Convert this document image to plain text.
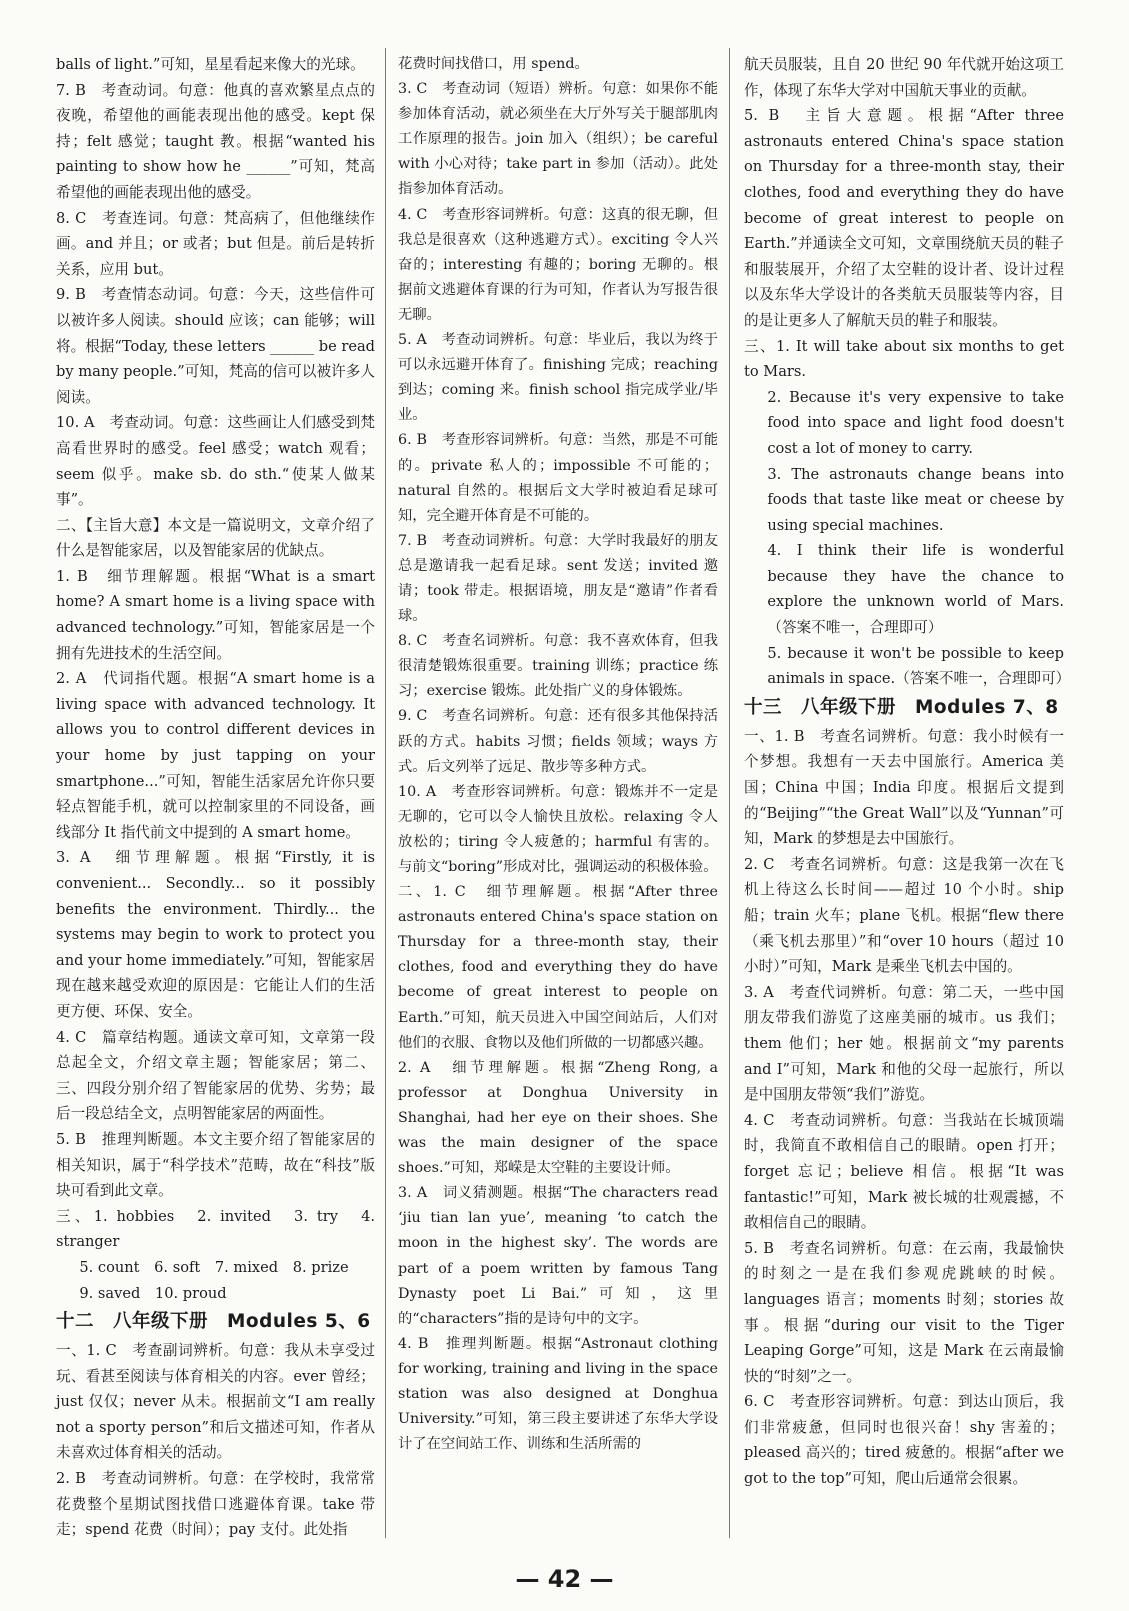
balls of light.”可知，星星看起来像大的光球。

7. B　考查动词。句意：他真的喜欢繁星点点的夜晚，希望他的画能表现出他的感受。kept 保持；felt 感觉；taught 教。根据“wanted his painting to show how he ______”可知，梵高希望他的画能表现出他的感受。

8. C　考查连词。句意：梵高病了，但他继续作画。and 并且；or 或者；but 但是。前后是转折关系，应用 but。

9. B　考查情态动词。句意：今天，这些信件可以被许多人阅读。should 应该；can 能够；will 将。根据“Today, these letters ______ be read by many people.”可知，梵高的信可以被许多人阅读。

10. A　考查动词。句意：这些画让人们感受到梵高看世界时的感受。feel 感受；watch 观看；seem 似乎。make sb. do sth.“使某人做某事”。

二、【主旨大意】本文是一篇说明文，文章介绍了什么是智能家居，以及智能家居的优缺点。

1. B　细节理解题。根据“What is a smart home? A smart home is a living space with advanced technology.”可知，智能家居是一个拥有先进技术的生活空间。

2. A　代词指代题。根据“A smart home is a living space with advanced technology. It allows you to control different devices in your home by just tapping on your smartphone...”可知，智能生活家居允许你只要轻点智能手机，就可以控制家里的不同设备，画线部分 It 指代前文中提到的 A smart home。

3. A　细节理解题。根据“Firstly, it is convenient... Secondly... so it possibly benefits the environment. Thirdly... the systems may begin to work to protect you and your home immediately.”可知，智能家居现在越来越受欢迎的原因是：它能让人们的生活更方便、环保、安全。

4. C　篇章结构题。通读文章可知，文章第一段总起全文，介绍文章主题；智能家居；第二、三、四段分别介绍了智能家居的优势、劣势；最后一段总结全文，点明智能家居的两面性。

5. B　推理判断题。本文主要介绍了智能家居的相关知识，属于“科学技术”范畴，故在“科技”版块可看到此文章。

三、1. hobbies　2. invited　3. try　4. stranger

5. count　6. soft　7. mixed　8. prize

9. saved　10. proud

十二　八年级下册　Modules 5、6

一、1. C　考查副词辨析。句意：我从未享受过玩、看甚至阅读与体育相关的内容。ever 曾经；just 仅仅；never 从未。根据前文“I am really not a sporty person”和后文描述可知，作者从未喜欢过体育相关的活动。

2. B　考查动词辨析。句意：在学校时，我常常花费整个星期试图找借口逃避体育课。take 带走；spend 花费（时间）；pay 支付。此处指

花费时间找借口，用 spend。

3. C　考查动词（短语）辨析。句意：如果你不能参加体育活动，就必须坐在大厅外写关于腿部肌肉工作原理的报告。join 加入（组织）；be careful with 小心对待；take part in 参加（活动）。此处指参加体育活动。

4. C　考查形容词辨析。句意：这真的很无聊，但我总是很喜欢（这种逃避方式）。exciting 令人兴奋的；interesting 有趣的；boring 无聊的。根据前文逃避体育课的行为可知，作者认为写报告很无聊。

5. A　考查动词辨析。句意：毕业后，我以为终于可以永远避开体育了。finishing 完成；reaching 到达；coming 来。finish school 指完成学业/毕业。

6. B　考查形容词辨析。句意：当然，那是不可能的。private 私人的；impossible 不可能的；natural 自然的。根据后文大学时被迫看足球可知，完全避开体育是不可能的。

7. B　考查动词辨析。句意：大学时我最好的朋友总是邀请我一起看足球。sent 发送；invited 邀请；took 带走。根据语境，朋友是“邀请”作者看球。

8. C　考查名词辨析。句意：我不喜欢体育，但我很清楚锻炼很重要。training 训练；practice 练习；exercise 锻炼。此处指广义的身体锻炼。

9. C　考查名词辨析。句意：还有很多其他保持活跃的方式。habits 习惯；fields 领域；ways 方式。后文列举了远足、散步等多种方式。

10. A　考查形容词辨析。句意：锻炼并不一定是无聊的，它可以令人愉快且放松。relaxing 令人放松的；tiring 令人疲惫的；harmful 有害的。与前文“boring”形成对比，强调运动的积极体验。

二、1. C　细节理解题。根据“After three astronauts entered China's space station on Thursday for a three-month stay, their clothes, food and everything they do have become of great interest to people on Earth.”可知，航天员进入中国空间站后，人们对他们的衣服、食物以及他们所做的一切都感兴趣。

2. A　细节理解题。根据“Zheng Rong, a professor at Donghua University in Shanghai, had her eye on their shoes. She was the main designer of the space shoes.”可知，郑嵘是太空鞋的主要设计师。

3. A　词义猜测题。根据“The characters read ‘jiu tian lan yue’, meaning ‘to catch the moon in the highest sky’. The words are part of a poem written by famous Tang Dynasty poet Li Bai.”可知，这里的“characters”指的是诗句中的文字。

4. B　推理判断题。根据“Astronaut clothing for working, training and living in the space station was also designed at Donghua University.”可知，第三段主要讲述了东华大学设计了在空间站工作、训练和生活所需的

航天员服装，且自 20 世纪 90 年代就开始这项工作，体现了东华大学对中国航天事业的贡献。

5. B　主旨大意题。根据“After three astronauts entered China's space station on Thursday for a three-month stay, their clothes, food and everything they do have become of great interest to people on Earth.”并通读全文可知，文章围绕航天员的鞋子和服装展开，介绍了太空鞋的设计者、设计过程以及东华大学设计的各类航天员服装等内容，目的是让更多人了解航天员的鞋子和服装。

三、1. It will take about six months to get to Mars.

2. Because it's very expensive to take food into space and light food doesn't cost a lot of money to carry.

3. The astronauts change beans into foods that taste like meat or cheese by using special machines.

4. I think their life is wonderful because they have the chance to explore the unknown world of Mars.（答案不唯一，合理即可）

5. because it won't be possible to keep animals in space.（答案不唯一，合理即可）

十三　八年级下册　Modules 7、8

一、1. B　考查名词辨析。句意：我小时候有一个梦想。我想有一天去中国旅行。America 美国；China 中国；India 印度。根据后文提到的“Beijing”“the Great Wall”以及“Yunnan”可知，Mark 的梦想是去中国旅行。

2. C　考查名词辨析。句意：这是我第一次在飞机上待这么长时间——超过 10 个小时。ship 船；train 火车；plane 飞机。根据“flew there（乘飞机去那里）”和“over 10 hours（超过 10 小时）”可知，Mark 是乘坐飞机去中国的。

3. A　考查代词辨析。句意：第二天，一些中国朋友带我们游览了这座美丽的城市。us 我们；them 他们；her 她。根据前文“my parents and I”可知，Mark 和他的父母一起旅行，所以是中国朋友带领“我们”游览。

4. C　考查动词辨析。句意：当我站在长城顶端时，我简直不敢相信自己的眼睛。open 打开；forget 忘记；believe 相信。根据“It was fantastic!”可知，Mark 被长城的壮观震撼，不敢相信自己的眼睛。

5. B　考查名词辨析。句意：在云南，我最愉快的时刻之一是在我们参观虎跳峡的时候。languages 语言；moments 时刻；stories 故事。根据“during our visit to the Tiger Leaping Gorge”可知，这是 Mark 在云南最愉快的“时刻”之一。

6. C　考查形容词辨析。句意：到达山顶后，我们非常疲惫，但同时也很兴奋！shy 害羞的；pleased 高兴的；tired 疲惫的。根据“after we got to the top”可知，爬山后通常会很累。

— 42 —
